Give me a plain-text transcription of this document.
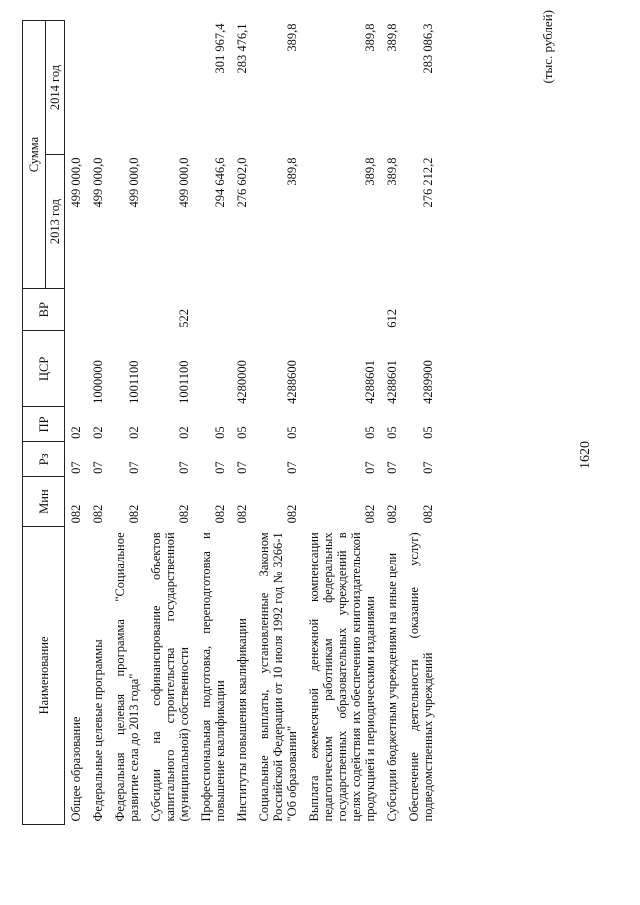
1620
(тыс. рублей)
Наименование	Мин	Рз	ПР	ЦСР	ВР	Сумма	
						2013 год	2014 год
Общее образование	082	07	02			499 000,0	
Федеральные целевые программы	082	07	02	1000000		499 000,0	
Федеральная целевая программа "Социальное развитие села до 2013 года"	082	07	02	1001100		499 000,0	
Субсидии на софинансирование объектов капитального строительства государственной (муниципальной) собственности	082	07	02	1001100	522	499 000,0	
Профессиональная подготовка, переподготовка и повышение квалификации	082	07	05			294 646,6	301 967,4
Институты повышения квалификации	082	07	05	4280000		276 602,0	283 476,1
Социальные выплаты, установленные Законом Российской Федерации от 10 июля 1992 год № 3266-1 "Об образовании"	082	07	05	4288600		389,8	389,8
Выплата ежемесячной денежной компенсации педагогическим работникам федеральных государственных образовательных учреждений в целях содействия их обеспечению книгоиздательской продукцией и периодическими изданиями	082	07	05	4288601		389,8	389,8
Субсидии бюджетным учреждениям на иные цели	082	07	05	4288601	612	389,8	389,8
Обеспечение деятельности (оказание услуг) подведомственных учреждений	082	07	05	4289900		276 212,2	283 086,3
